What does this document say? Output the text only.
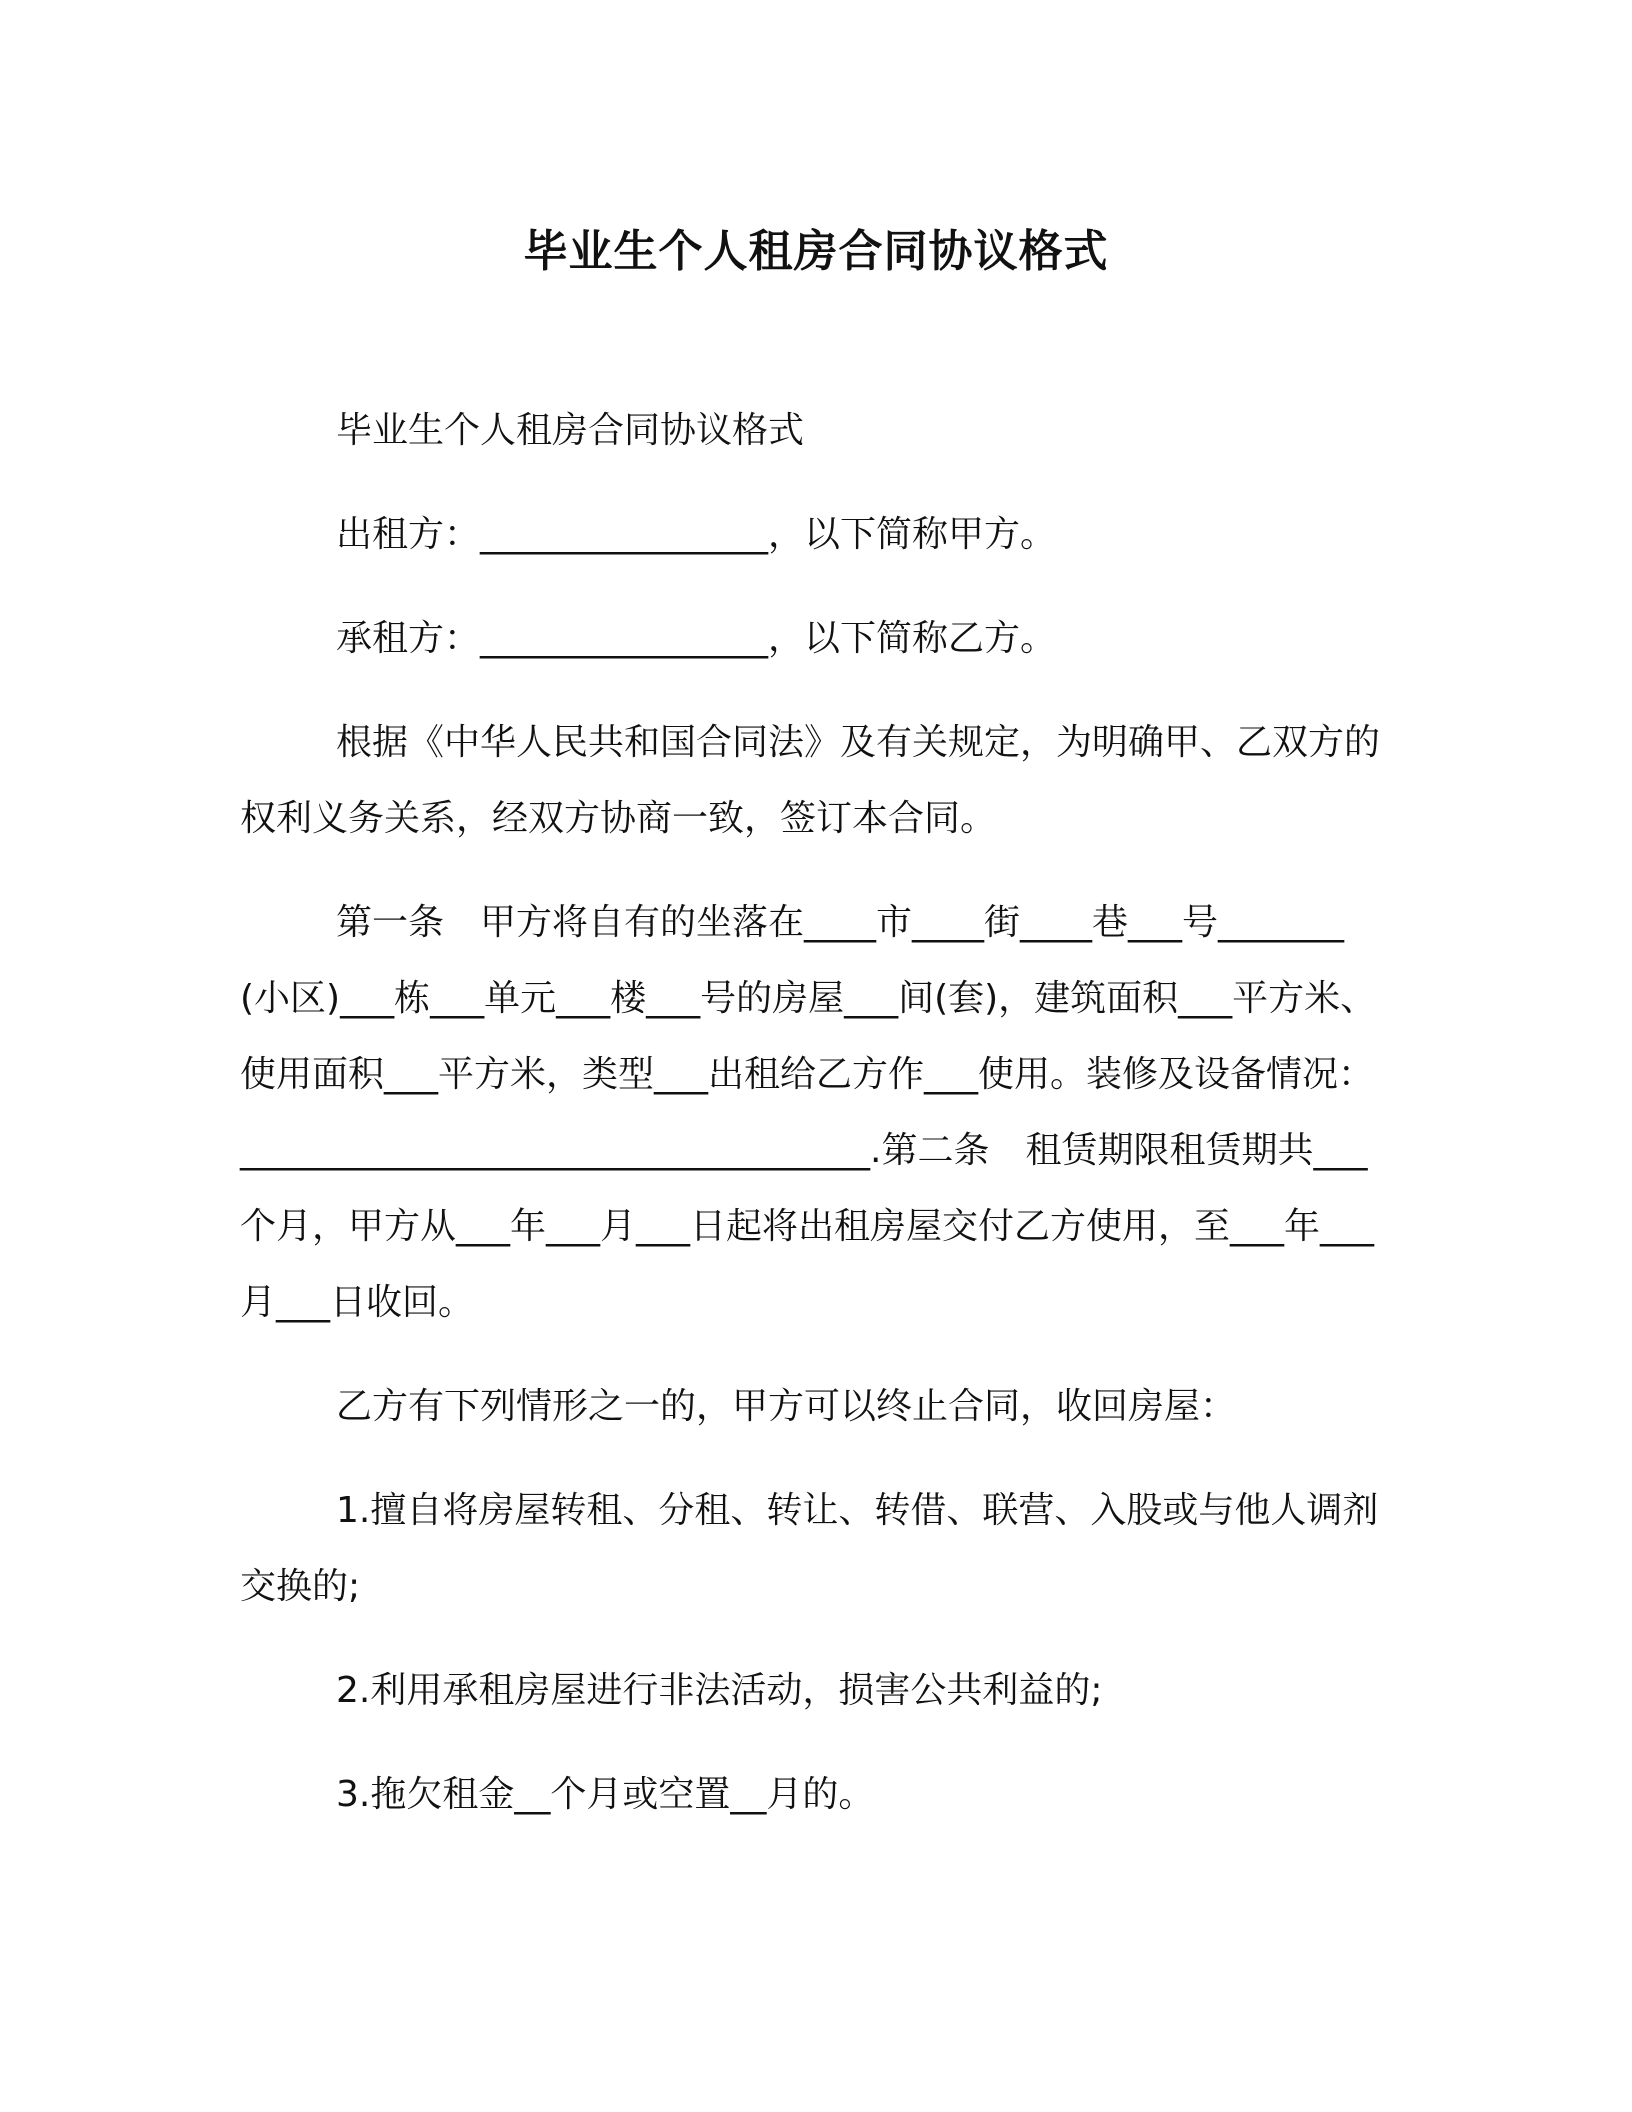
毕业生个人租房合同协议格式

毕业生个人租房合同协议格式

出租方：________________，以下简称甲方。

承租方：________________，以下简称乙方。

根据《中华人民共和国合同法》及有关规定，为明确甲、乙双方的权利义务关系，经双方协商一致，签订本合同。

第一条　甲方将自有的坐落在____市____街____巷___号_______(小区)___栋___单元___楼___号的房屋___间(套)，建筑面积___平方米、使用面积___平方米，类型___出租给乙方作___使用。装修及设备情况：___________________________________.第二条　租赁期限租赁期共___个月，甲方从___年___月___日起将出租房屋交付乙方使用，至___年___月___日收回。

乙方有下列情形之一的，甲方可以终止合同，收回房屋：

1.擅自将房屋转租、分租、转让、转借、联营、入股或与他人调剂交换的;

2.利用承租房屋进行非法活动，损害公共利益的;

3.拖欠租金__个月或空置__月的。
